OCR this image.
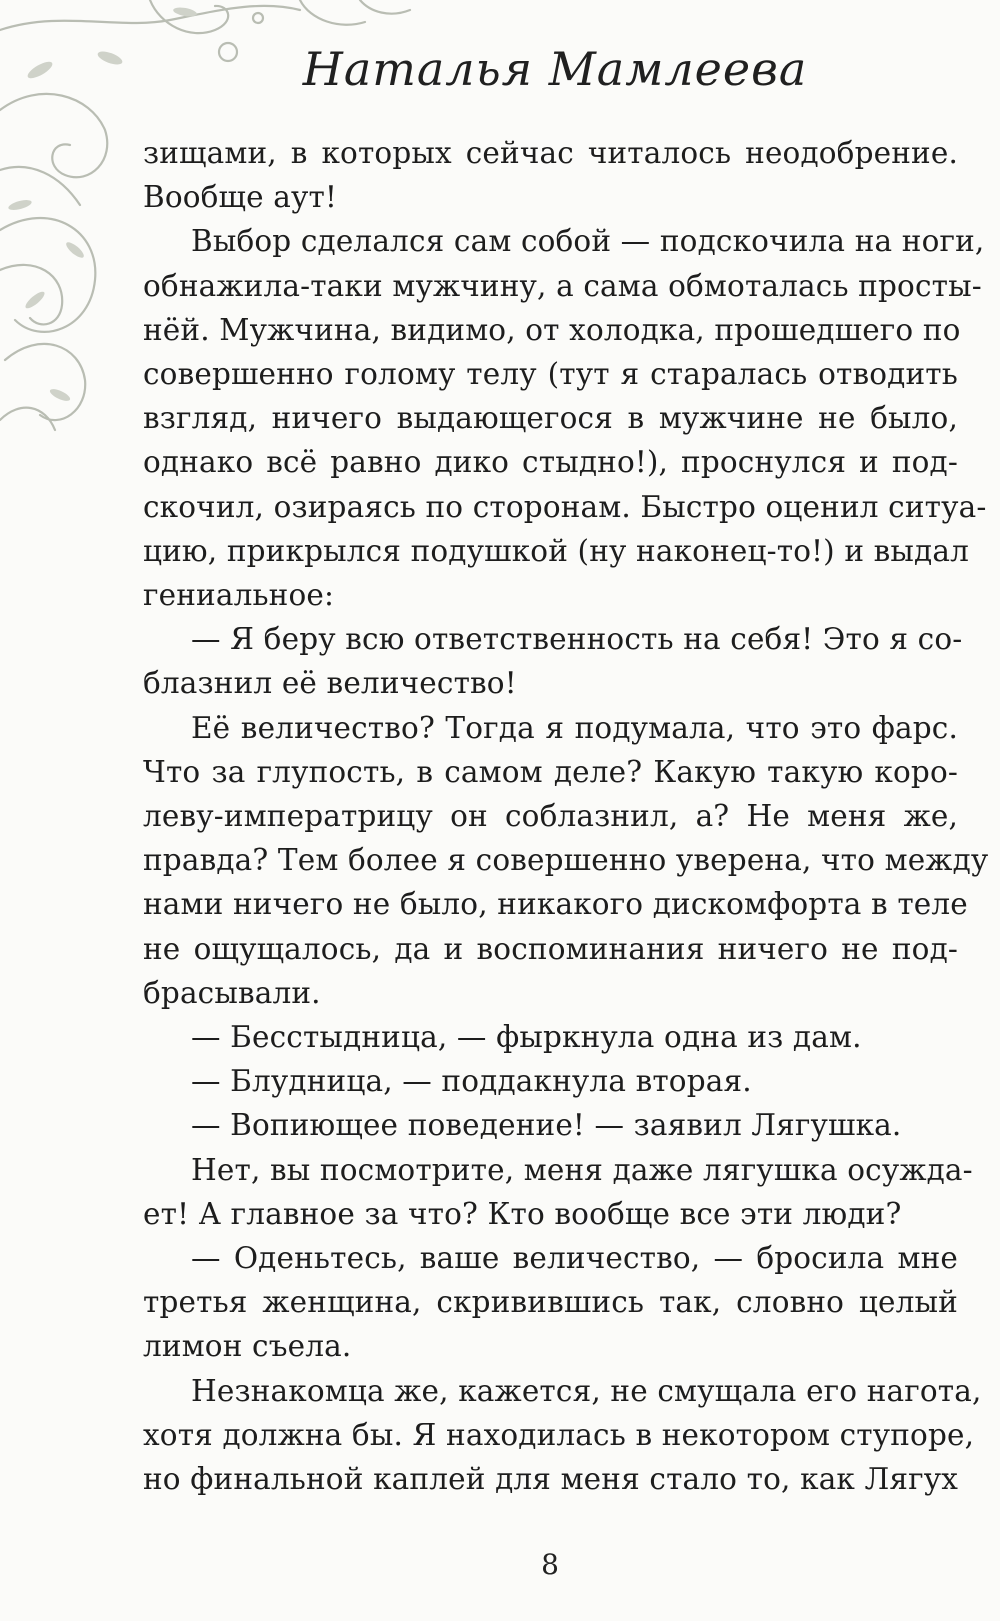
Наталья Мамлеева

зищами, в которых сейчас читалось неодобрение.

Вообще аут!

Выбор сделался сам собой — подскочила на ноги,

обнажила-таки мужчину, а сама обмоталась просты-

нёй. Мужчина, видимо, от холодка, прошедшего по

совершенно голому телу (тут я старалась отводить

взгляд, ничего выдающегося в мужчине не было,

однако всё равно дико стыдно!), проснулся и под-

скочил, озираясь по сторонам. Быстро оценил ситуа-

цию, прикрылся подушкой (ну наконец-то!) и выдал

гениальное:

— Я беру всю ответственность на себя! Это я со-

блазнил её величество!

Её величество? Тогда я подумала, что это фарс.

Что за глупость, в самом деле? Какую такую коро-

леву-императрицу он соблазнил, а? Не меня же,

правда? Тем более я совершенно уверена, что между

нами ничего не было, никакого дискомфорта в теле

не ощущалось, да и воспоминания ничего не под-

брасывали.

— Бесстыдница, — фыркнула одна из дам.

— Блудница, — поддакнула вторая.

— Вопиющее поведение! — заявил Лягушка.

Нет, вы посмотрите, меня даже лягушка осужда-

ет! А главное за что? Кто вообще все эти люди?

— Оденьтесь, ваше величество, — бросила мне

третья женщина, скривившись так, словно целый

лимон съела.

Незнакомца же, кажется, не смущала его нагота,

хотя должна бы. Я находилась в некотором ступоре,

но финальной каплей для меня стало то, как Лягух

8
